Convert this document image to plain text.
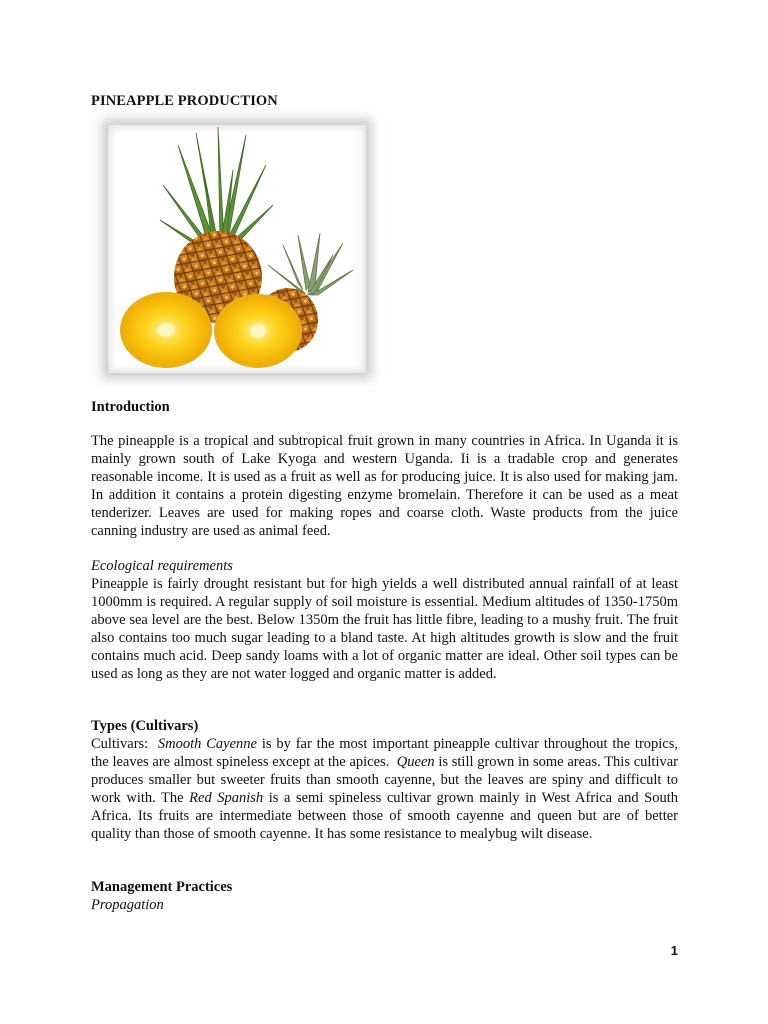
PINEAPPLE PRODUCTION
Introduction
The pineapple is a tropical and subtropical fruit grown in many countries in Africa. In Uganda it is mainly grown south of Lake Kyoga and western Uganda. Ii is a tradable crop and generates reasonable income. It is used as a fruit as well as for producing juice. It is also used for making jam. In addition it contains a protein digesting enzyme bromelain. Therefore it can be used as a meat tenderizer. Leaves are used for making ropes and coarse cloth. Waste products from the juice canning industry are used as animal feed.
Ecological requirements
Pineapple is fairly drought resistant but for high yields a well distributed annual rainfall of at least 1000mm is required. A regular supply of soil moisture is essential. Medium altitudes of 1350-1750m above sea level are the best. Below 1350m the fruit has little fibre, leading to a mushy fruit. The fruit also contains too much sugar leading to a bland taste. At high altitudes growth is slow and the fruit contains much acid. Deep sandy loams with a lot of organic matter are ideal. Other soil types can be used as long as they are not water logged and organic matter is added.
Types (Cultivars)
Cultivars: Smooth Cayenne is by far the most important pineapple cultivar throughout the tropics, the leaves are almost spineless except at the apices. Queen is still grown in some areas. This cultivar produces smaller but sweeter fruits than smooth cayenne, but the leaves are spiny and difficult to work with. The Red Spanish is a semi spineless cultivar grown mainly in West Africa and South Africa. Its fruits are intermediate between those of smooth cayenne and queen but are of better quality than those of smooth cayenne. It has some resistance to mealybug wilt disease.
Management Practices
Propagation
1
